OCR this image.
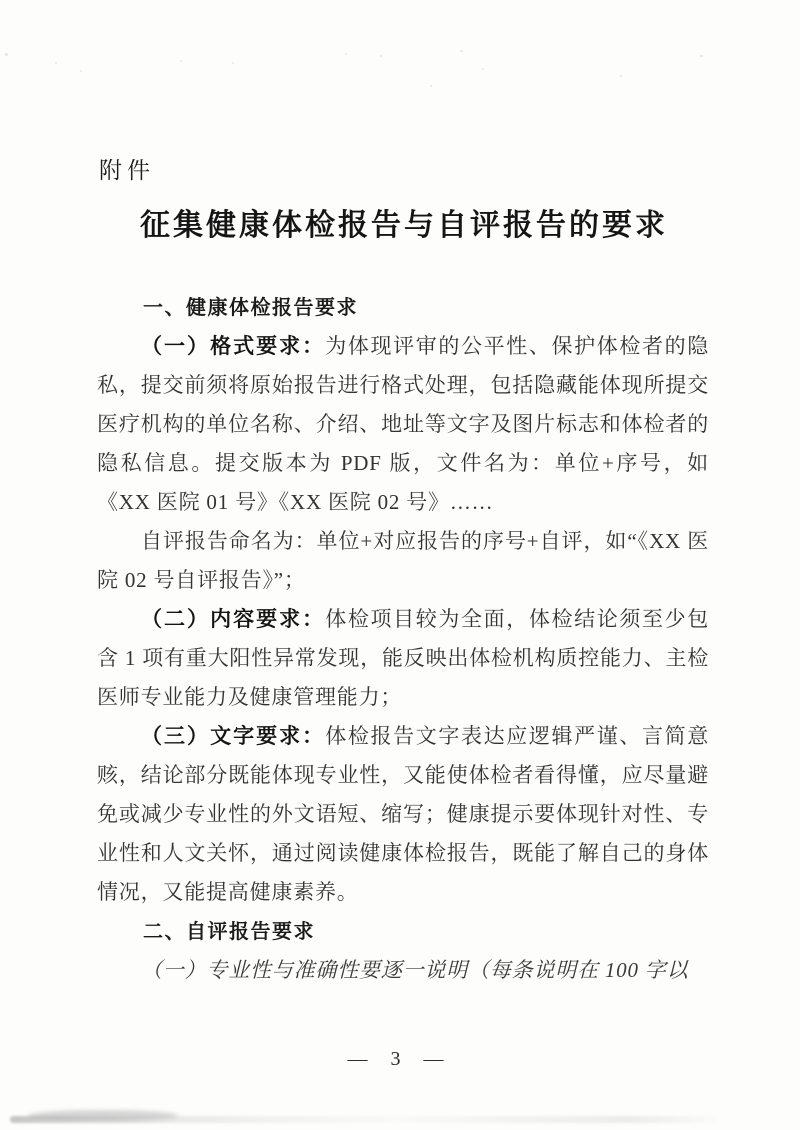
附件
征集健康体检报告与自评报告的要求
一、健康体检报告要求

（一）格式要求：为体现评审的公平性、保护体检者的隐私，提交前须将原始报告进行格式处理，包括隐藏能体现所提交医疗机构的单位名称、介绍、地址等文字及图片标志和体检者的隐私信息。提交版本为 PDF 版，文件名为：单位+序号，如《XX 医院 01 号》《XX 医院 02 号》……

自评报告命名为：单位+对应报告的序号+自评，如“《XX 医院 02 号自评报告》”；

（二）内容要求：体检项目较为全面，体检结论须至少包含 1 项有重大阳性异常发现，能反映出体检机构质控能力、主检医师专业能力及健康管理能力；

（三）文字要求：体检报告文字表达应逻辑严谨、言简意赅，结论部分既能体现专业性，又能使体检者看得懂，应尽量避免或减少专业性的外文语短、缩写；健康提示要体现针对性、专业性和人文关怀，通过阅读健康体检报告，既能了解自己的身体情况，又能提高健康素养。

二、自评报告要求

（一）专业性与准确性要逐一说明（每条说明在 100 字以

— 3 —
